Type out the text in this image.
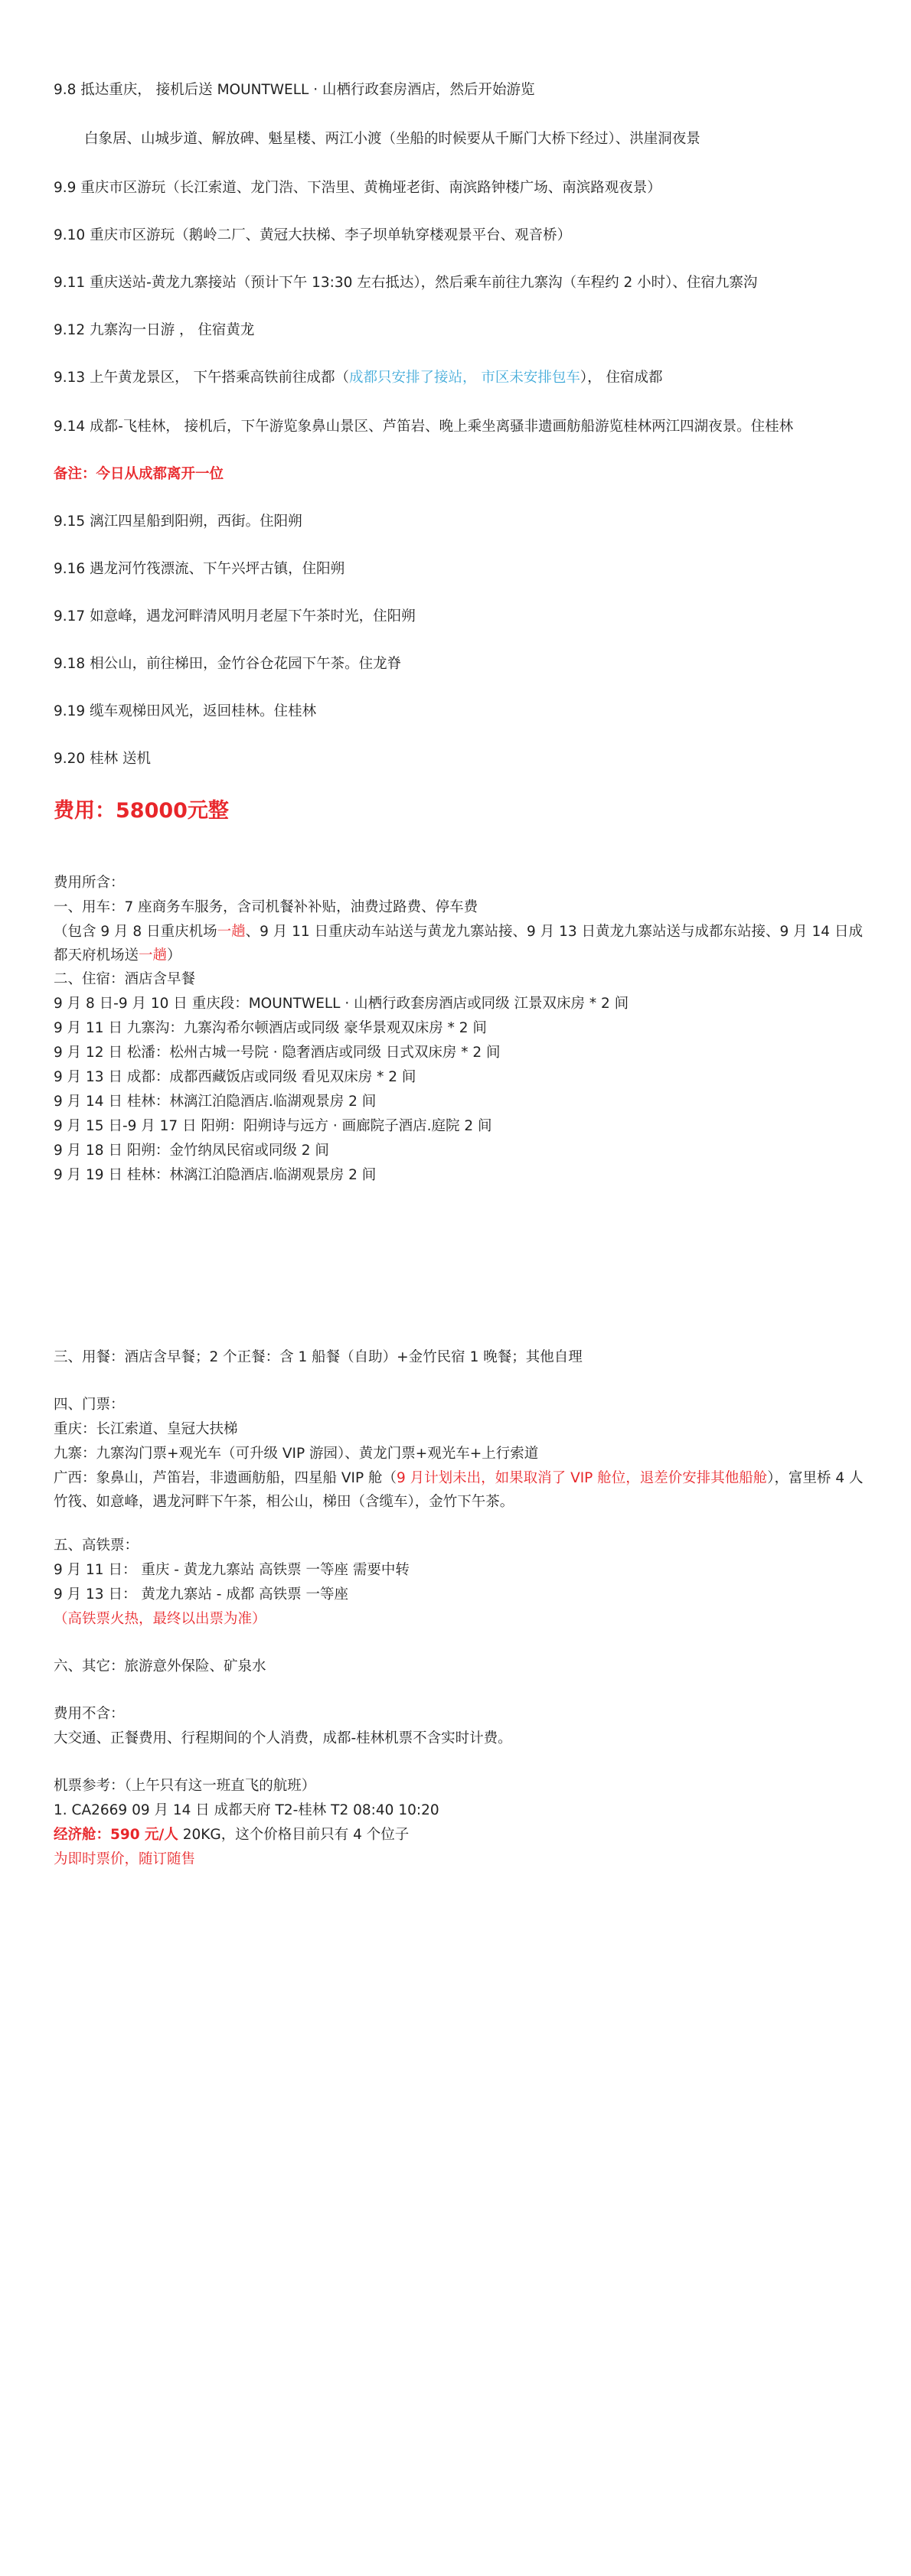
9.8 抵达重庆， 接机后送 MOUNTWELL · 山栖行政套房酒店，然后开始游览
白象居、山城步道、解放碑、魁星楼、两江小渡（坐船的时候要从千厮门大桥下经过）、洪崖洞夜景
9.9 重庆市区游玩（长江索道、龙门浩、下浩里、黄桷垭老街、南滨路钟楼广场、南滨路观夜景）
9.10 重庆市区游玩（鹅岭二厂、黄冠大扶梯、李子坝单轨穿楼观景平台、观音桥）
9.11 重庆送站-黄龙九寨接站（预计下午 13:30 左右抵达），然后乘车前往九寨沟（车程约 2 小时）、住宿九寨沟
9.12 九寨沟一日游 ， 住宿黄龙
9.13 上午黄龙景区， 下午搭乘高铁前往成都（成都只安排了接站， 市区未安排包车）， 住宿成都
9.14 成都-飞桂林， 接机后，下午游览象鼻山景区、芦笛岩、晚上乘坐离骚非遗画舫船游览桂林两江四湖夜景。住桂林
备注：今日从成都离开一位
9.15 漓江四星船到阳朔，西街。住阳朔
9.16 遇龙河竹筏漂流、下午兴坪古镇，住阳朔
9.17 如意峰，遇龙河畔清风明月老屋下午茶时光，住阳朔
9.18 相公山，前往梯田，金竹谷仓花园下午茶。住龙脊
9.19 缆车观梯田风光，返回桂林。住桂林
9.20 桂林 送机
费用：58000元整
费用所含：
一、用车：7 座商务车服务，含司机餐补补贴，油费过路费、停车费
（包含 9 月 8 日重庆机场一趟、9 月 11 日重庆动车站送与黄龙九寨站接、9 月 13 日黄龙九寨站送与成都东站接、9 月 14 日成都天府机场送一趟）
二、住宿：酒店含早餐
9 月 8 日-9 月 10 日 重庆段：MOUNTWELL · 山栖行政套房酒店或同级 江景双床房 * 2 间
9 月 11 日 九寨沟：九寨沟希尔顿酒店或同级 豪华景观双床房 * 2 间
9 月 12 日 松潘：松州古城一号院 · 隐奢酒店或同级 日式双床房 * 2 间
9 月 13 日 成都：成都西藏饭店或同级 看见双床房 * 2 间
9 月 14 日 桂林：林漓江泊隐酒店.临湖观景房 2 间
9 月 15 日-9 月 17 日 阳朔：阳朔诗与远方 · 画廊院子酒店.庭院 2 间
9 月 18 日 阳朔：金竹纳凤民宿或同级 2 间
9 月 19 日 桂林：林漓江泊隐酒店.临湖观景房 2 间
三、用餐：酒店含早餐；2 个正餐：含 1 船餐（自助）+金竹民宿 1 晚餐；其他自理
四、门票：
重庆：长江索道、皇冠大扶梯
九寨：九寨沟门票+观光车（可升级 VIP 游园）、黄龙门票+观光车+上行索道
广西：象鼻山，芦笛岩，非遗画舫船，四星船 VIP 舱（9 月计划未出，如果取消了 VIP 舱位，退差价安排其他船舱），富里桥 4 人竹筏、如意峰，遇龙河畔下午茶，相公山，梯田（含缆车），金竹下午茶。
五、高铁票：
9 月 11 日： 重庆 - 黄龙九寨站 高铁票 一等座 需要中转
9 月 13 日： 黄龙九寨站 - 成都 高铁票 一等座
（高铁票火热，最终以出票为准）
六、其它：旅游意外保险、矿泉水
费用不含：
大交通、正餐费用、行程期间的个人消费，成都-桂林机票不含实时计费。
机票参考：（上午只有这一班直飞的航班）
1. CA2669 09 月 14 日 成都天府 T2-桂林 T2 08:40 10:20
经济舱：590 元/人 20KG，这个价格目前只有 4 个位子
为即时票价，随订随售
